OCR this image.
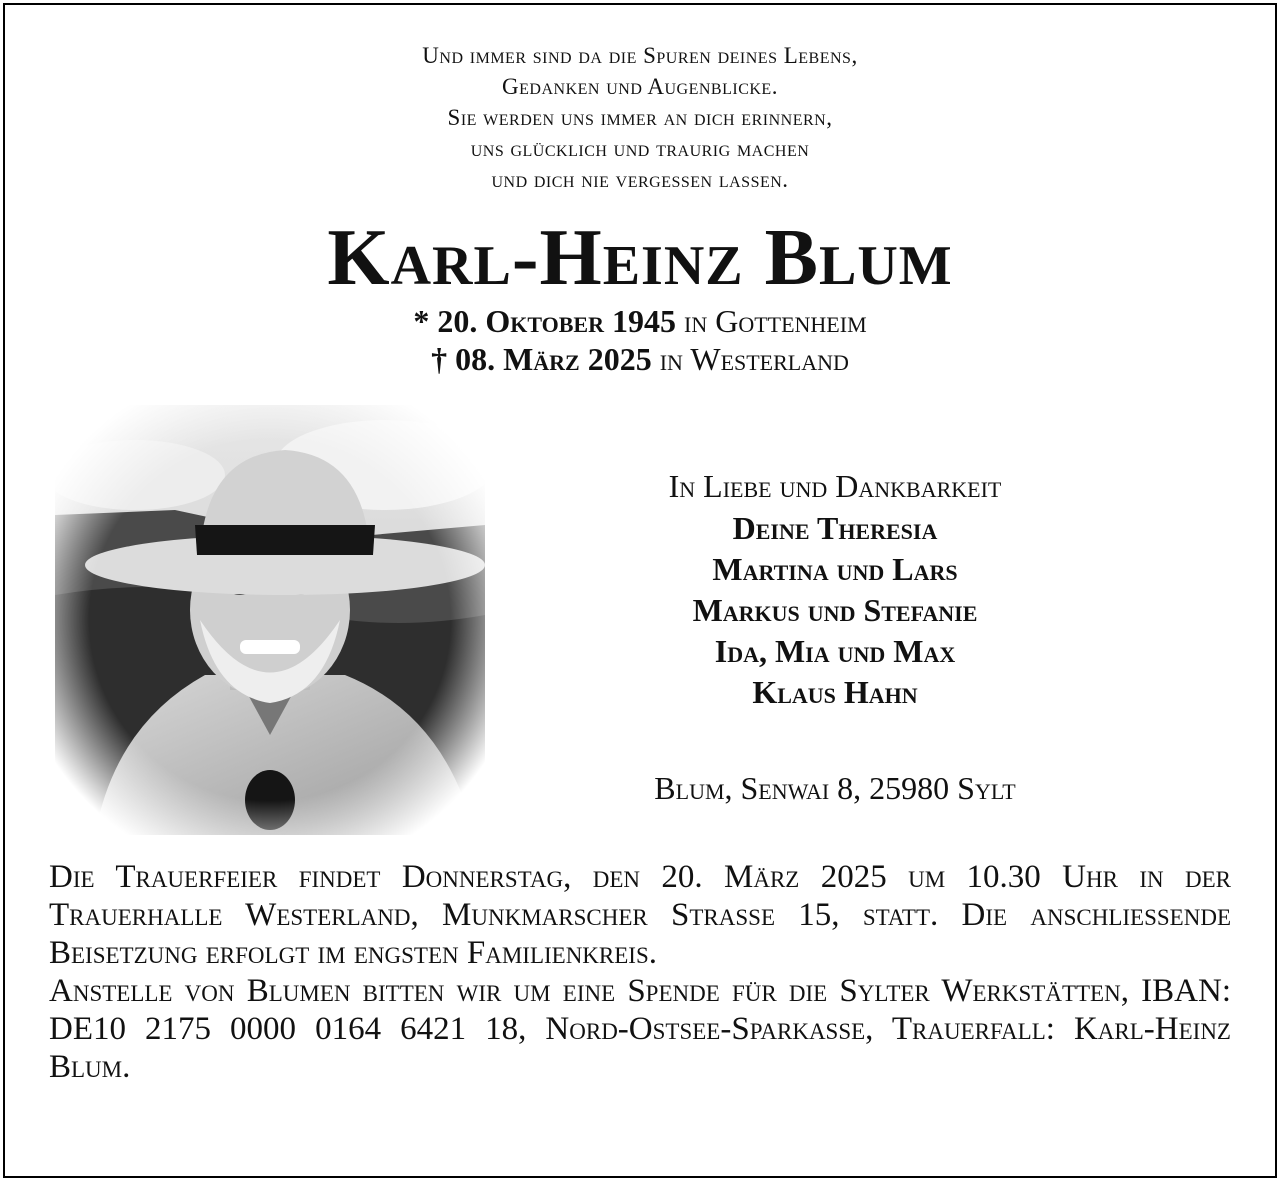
Und immer sind da die Spuren deines Lebens,
Gedanken und Augenblicke.
Sie werden uns immer an dich erinnern,
uns glücklich und traurig machen
und dich nie vergessen lassen.
Karl-Heinz Blum
* 20. Oktober 1945 in Gottenheim
† 08. März 2025 in Westerland
In Liebe und Dankbarkeit
Deine Theresia
Martina und Lars
Markus und Stefanie
Ida, Mia und Max
Klaus Hahn
Blum, Senwai 8, 25980 Sylt

Die Trauerfeier findet Donnerstag, den 20. März 2025 um 10.30 Uhr in der Trauerhalle Westerland, Munkmarscher Strasse 15, statt. Die anschliessende Beisetzung erfolgt im engsten Familienkreis.

Anstelle von Blumen bitten wir um eine Spende für die Sylter Werkstätten, IBAN: DE10 2175 0000 0164 6421 18, Nord-Ostsee-Sparkasse, Trauerfall: Karl-Heinz Blum.
